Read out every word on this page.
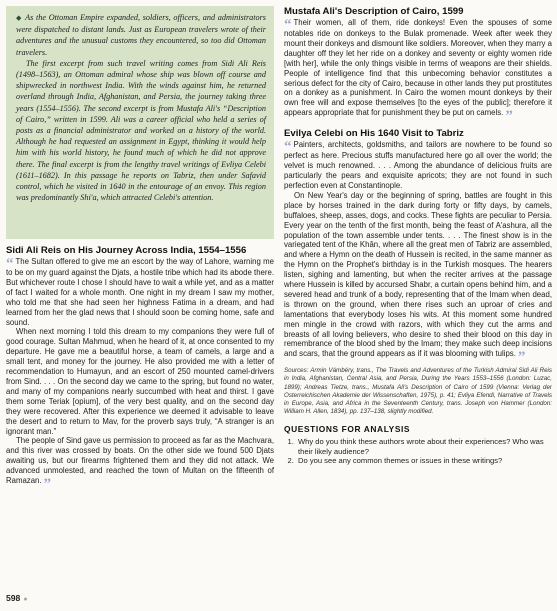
◆ As the Ottoman Empire expanded, soldiers, officers, and administrators were dispatched to distant lands. Just as European travelers wrote of their adventures and the unusual customs they encountered, so too did Ottoman travelers.

The first excerpt from such travel writing comes from Sidi Ali Reis (1498–1563), an Ottoman admiral whose ship was blown off course and shipwrecked in northwest India. With the winds against him, he returned overland through India, Afghanistan, and Persia, the journey taking three years (1554–1556). The second excerpt is from Mustafa Ali's “Description of Cairo,” written in 1599. Ali was a career official who held a series of posts as a financial administrator and worked on a history of the world. Although he had requested an assignment in Egypt, thinking it would help him with his world history, he found much of which he did not approve there. The final excerpt is from the lengthy travel writings of Evliya Celebi (1611–1682). In this passage he reports on Tabriz, then under Safavid control, which he visited in 1640 in the entourage of an envoy. This region was predominantly Shi'a, which attracted Celebi's attention.

Sidi Ali Reis on His Journey Across India, 1554–1556

“ The Sultan offered to give me an escort by the way of Lahore, warning me to be on my guard against the Djats, a hostile tribe which had its abode there. But whichever route I chose I should have to wait a while yet, and as a matter of fact I waited for a whole month. One night in my dream I saw my mother, who told me that she had seen her highness Fatima in a dream, and had learned from her the glad news that I should soon be coming home, safe and sound.

When next morning I told this dream to my companions they were full of good courage. Sultan Mahmud, when he heard of it, at once consented to my departure. He gave me a beautiful horse, a team of camels, a large and a small tent, and money for the journey. He also provided me with a letter of recommendation to Humayun, and an escort of 250 mounted camel-drivers from Sind. . . . On the second day we came to the spring, but found no water, and many of my companions nearly succumbed with heat and thirst. I gave them some Teriak [opium], of the very best quality, and on the second day they were recovered. After this experience we deemed it advisable to leave the desert and to return to Mav, for the proverb says truly, “A stranger is an ignorant man.”

The people of Sind gave us permission to proceed as far as the Machvara, and this river was crossed by boats. On the other side we found 500 Djats awaiting us, but our firearms frightened them and they did not attack. We advanced unmolested, and reached the town of Multan on the fifteenth of Ramazan. ”

Mustafa Ali's Description of Cairo, 1599

“ Their women, all of them, ride donkeys! Even the spouses of some notables ride on donkeys to the Bulak promenade. Week after week they mount their donkeys and dismount like soldiers. Moreover, when they marry a daughter off they let her ride on a donkey and seventy or eighty women ride [with her], while the only things visible in terms of weapons are their shields. People of intelligence find that this unbecoming behavior constitutes a serious defect for the city of Cairo, because in other lands they put prostitutes on a donkey as a punishment. In Cairo the women mount donkeys by their own free will and expose themselves [to the eyes of the public]; therefore it appears appropriate that for punishment they be put on camels. ”

Evilya Celebi on His 1640 Visit to Tabriz

“ Painters, architects, goldsmiths, and tailors are nowhere to be found so perfect as here. Precious stuffs manufactured here go all over the world; the velvet is much renowned. . . . Among the abundance of delicious fruits are particularly the pears and exquisite apricots; they are not found in such perfection even at Constantinople.

On New Year's day or the beginning of spring, battles are fought in this place by horses trained in the dark during forty or fifty days, by camels, buffaloes, sheep, asses, dogs, and cocks. These fights are peculiar to Persia. Every year on the tenth of the first month, being the feast of A'ashura, all the population of the town assemble under tents. . . . The finest show is in the variegated tent of the Khân, where all the great men of Tabriz are assembled, and where a Hymn on the death of Hussein is recited, in the same manner as the Hymn on the Prophet's birthday is in the Turkish mosques. The hearers listen, sighing and lamenting, but when the reciter arrives at the passage where Hussein is killed by accursed Shabr, a curtain opens behind him, and a severed head and trunk of a body, representing that of the Imam when dead, is thrown on the ground, when there rises such an uproar of cries and lamentations that everybody loses his wits. At this moment some hundred men mingle in the crowd with razors, with which they cut the arms and breasts of all loving believers, who desire to shed their blood on this day in remembrance of the blood shed by the Imam; they make such deep incisions and scars, that the ground appears as if it was blooming with tulips. ”

Sources: Armin Vámbéry, trans., The Travels and Adventures of the Turkish Admiral Sidi Ali Reis in India, Afghanistan, Central Asia, and Persia, During the Years 1553–1556 (London: Luzac, 1899); Andreas Tietze, trans., Mustafa Ali's Description of Cairo of 1599 (Vienna: Verlag der Osterreichischen Akademie der Wissenschaften, 1975), p. 41; Evliya Efendi, Narrative of Travels in Europe, Asia, and Africa in the Seventeenth Century, trans. Joseph von Hammer (London: William H. Allen, 1834), pp. 137–138, slightly modified.
QUESTIONS FOR ANALYSIS
1. Why do you think these authors wrote about their experiences? Who was their likely audience?
2. Do you see any common themes or issues in these writings?
598 ●
